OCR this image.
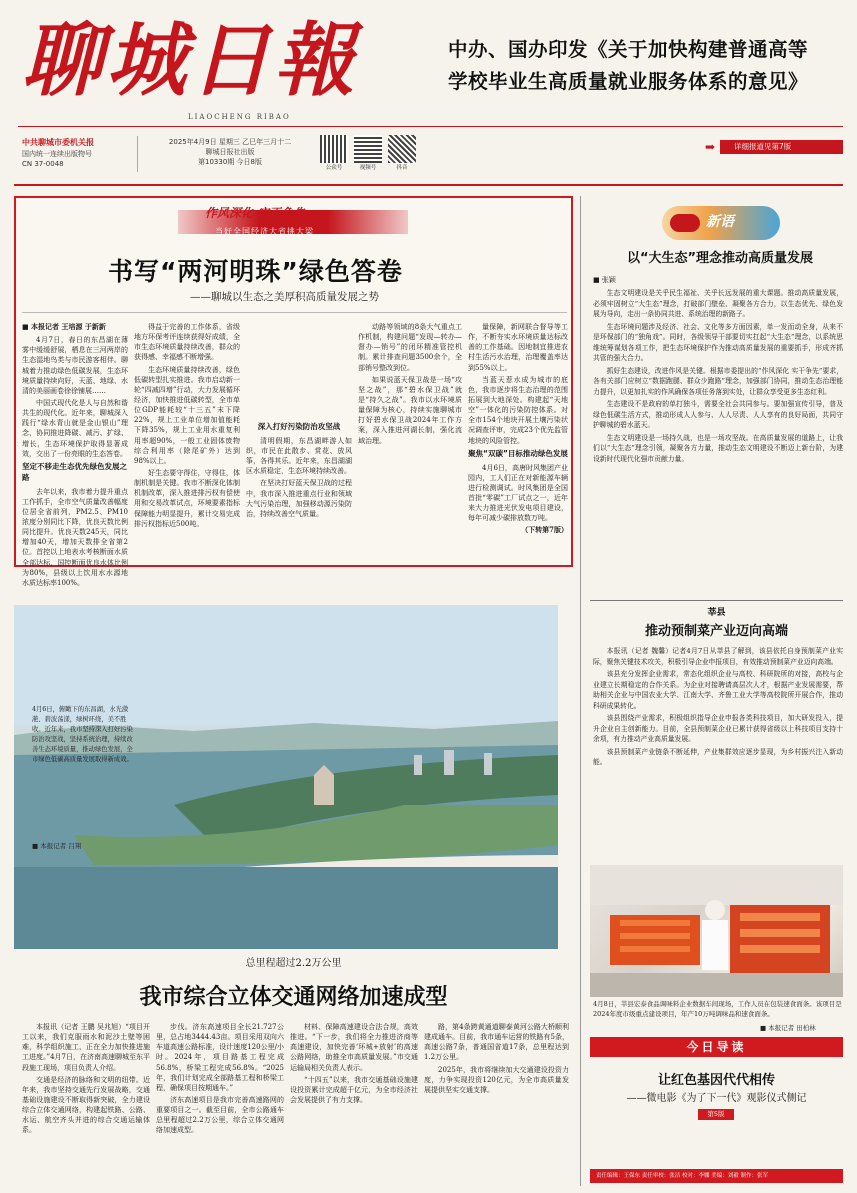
聊城日報
LIAOCHENG RIBAO
中办、国办印发《关于加快构建普通高等
学校毕业生高质量就业服务体系的意见》
➡	详细报道见第7版
中共聊城市委机关报
国内统一连续出版物号
CN 37-0048
2025年4月9日 星期三 乙巳年三月十二
聊城日报社出版
第10330期 今日8版
公众号	视频号	抖音
作风深化 实干争先
当好全国经济大省挑大梁
书写“两河明珠”绿色答卷
——聊城以生态之美厚积高质量发展之势

■ 本报记者 王培源 于新新

4月7日，春日的东昌湖在薄雾中缓缓舒展，栖息在三河两岸的生态湿地鸟类与市民游客相伴。聊城着力推动绿色低碳发展，生态环境质量持续向好，天蓝、地绿、水清的美丽画卷徐徐铺展……

中国式现代化是人与自然和谐共生的现代化。近年来，聊城深入践行“绿水青山就是金山银山”理念，协同推进降碳、减污、扩绿、增长，生态环境保护取得显著成效，交出了一份亮眼的生态答卷。

坚定不移走生态优先绿色发展之路

去年以来，我市着力提升重点工作抓手，全市空气质量改善幅度位居全省前列，PM2.5、PM10浓度分别同比下降，优良天数比例同比提升。优良天数245天，同比增加40天，增加天数排全省第2位。首控以上地表水考核断面水质全部达标，国控断面优良水体比例为80%，县级以上饮用水水源地水质达标率100%。

得益于完善的工作体系，省级地方环保考评连续获得好成绩，全市生态环境质量持续改善，群众的获得感、幸福感不断增强。

生态环境质量持续改善，绿色低碳转型扎实推进。我市启动新一轮“四减四增”行动，大力发展循环经济，加快推进低碳转型，全市单位GDP能耗较“十三五”末下降22%，规上工业单位增加值能耗下降35%，规上工业用水重复利用率超90%，一般工业固体废物综合利用率（除尾矿外）达到98%以上。

好生态要守得住，守得住，体制机制是关键。我市不断深化体制机制改革，深入推进排污权有偿使用和交易改革试点，环境要素指标保障能力明显提升，累计交易完成排污权指标近500吨。

深入打好污染防治攻坚战

清明假期，东昌湖畔游人如织，市民在此散步、赏花、放风筝，各得其乐。近年来，东昌湖湖区水质稳定，生态环境持续改善。

在坚决打好蓝天保卫战的过程中，我市深入推进重点行业和领域大气污染治理，加强移动源污染防治，持续改善空气质量。

动路等领域的8条大气重点工作机制，构建问题“发现—转办—督办—销号”的闭环精准管控机制。累计排查问题3500余个，全部销号整改到位。

如果说蓝天保卫战是一场“攻坚之战”，那“碧水保卫战”就是“持久之战”。我市以水环境质量保障为核心，持续实施聊城市打好碧水保卫战2024年工作方案，深入推进河湖长制，强化流域治理。

量保障，新网联合督导等工作，不断夯实水环境质量达标改善的工作基础。因地制宜推进农村生活污水治理，治理覆盖率达到55%以上。

当蓝天惹水成为城市的底色，我市逐步将生态治理的范围拓展到大地深处。构建起“天地空”一体化的污染防控体系。对全市154个地块开展土壤污染状况调查评审，完成23个优先监管地块的风险管控。

聚焦“双碳”目标推动绿色发展

4月6日，高唐时风集团产业园内，工人们正在对新能源车辆进行检测调试。时风集团是全国首批“零碳”工厂试点之一，近年来大力推进光伏发电项目建设，每年可减少碳排放数万吨。

（下转第7版）

新语
以“大生态”理念推动高质量发展
■ 张颖

生态文明建设是关乎民生福祉、关乎长远发展的重大课题。推动高质量发展，必须牢固树立“大生态”理念，打破部门壁垒、凝聚各方合力，以生态优先、绿色发展为导向，走出一条协同共进、系统治理的新路子。

生态环境问题涉及经济、社会、文化等多方面因素，单一发而动全身，从来不是环保部门的“独角戏”。同时，各级领导干部要切实扛起“大生态”理念，以系统思维统筹谋划各项工作，把生态环境保护作为推动高质量发展的重要抓手，形成齐抓共管的强大合力。

抓好生态建设，改进作风是关键。根据市委提出的“作风深化 实干争先”要求，各有关部门应树立“数据跑腿、群众少跑路”理念，加强部门协同，推动生态治理能力提升，以更加扎实的作风确保各项任务落到实处，让群众享受更多生态红利。

生态建设不是政府的单打独斗，需要全社会共同参与。要加强宣传引导，普及绿色低碳生活方式，推动形成人人参与、人人尽责、人人享有的良好局面，共同守护聊城的碧水蓝天。

生态文明建设是一场持久战，也是一场攻坚战。在高质量发展的道路上，让我们以“大生态”理念引领，凝聚各方力量，推动生态文明建设不断迈上新台阶，为建设新时代现代化强市贡献力量。

莘县
推动预制菜产业迈向高端

本报讯（记者 魏馨）记者4月7日从莘县了解到，该县依托自身预制菜产业实际，聚焦关键技术攻关，积极引导企业申报项目，有效推动预制菜产业迈向高端。

该县充分发挥企业需求，常态化组织企业与高校、科研院所的对接，高校与企业建立长期稳定的合作关系。为企业对接聘请高层次人才，根据产业发展需要，帮助相关企业与中国农业大学、江南大学、齐鲁工业大学等高校院所开展合作，推动科研成果转化。

该县围绕产业需求，积极组织指导企业申报各类科技项目，加大研发投入，提升企业自主创新能力。目前，全县预制菜企业已累计获得省级以上科技项目支持十余项，有力推动产业高质量发展。

该县预制菜产业链条不断延伸，产业集群效应逐步显现，为乡村振兴注入新动能。

4月8日，莘县宏泰食品调味料企业数据车间现场，工作人员在包装速食面条。该项目是2024年度市级重点建设项目，年产10万吨调味品和速食面条。
■ 本报记者 田柏林
今日导读
让红色基因代代相传
——微电影《为了下一代》观影仪式侧记
第5版
责任编辑：王保东 责任审校：张洁 校对：李娜 美编：刘毅 制作：张军
4月6日，俯瞰下的东昌湖，水光潋滟、碧波荡漾，绿树环绕，美不胜收。近年来，我市坚持深入打好污染防治攻坚战，坚持系统治理，持续改善生态环境质量，推动绿色发展，全市绿色低碳高质量发展取得新成效。
■ 本报记者 吕翔
总里程超过2.2万公里
我市综合立体交通网络加速成型

本报讯（记者 王鹏 吴兆旭）“项目开工以来，我们克服雨水和泥沙土壁等困难，科学组织施工，正在全力加快推进施工进度。”4月7日，在济南高速聊城至东平段施工现场，项目负责人介绍。

交通是经济的脉络和文明的纽带。近年来，我市坚持交通先行发展战略，交通基础设施建设不断取得新突破，全力建设综合立体交通网络，构建起铁路、公路、水运、航空齐头并进的综合交通运输体系。

步伐。济东高速项目全长21.727公里，总占地3444.43亩。项目采用双向六车道高速公路标准，设计速度120公里/小时。2024年，项目路基工程完成56.8%，桥梁工程完成56.8%。“2025年，我们计划完成全部路基工程和桥梁工程，确保项目按期通车。”

济东高速项目是我市完善高速路网的重要项目之一。截至目前，全市公路通车总里程超过2.2万公里，综合立体交通网络加速成型。

材料、保障高速建设合法合规，高效推进。“下一步，我们将全力推进济商等高速建设，加快完善‘环城+放射’的高速公路网络，助推全市高质量发展。”市交通运输局相关负责人表示。

“十四五”以来，我市交通基础设施建设投资累计完成超千亿元，为全市经济社会发展提供了有力支撑。

路，第4条跨黄通道聊泰黄河公路大桥顺利建成通车。目前，我市通车运营的铁路有5条，高速公路7条，普通国省道17条，总里程达到1.2万公里。

2025年，我市将继续加大交通建设投资力度，力争实现投资120亿元，为全市高质量发展提供坚实交通支撑。
